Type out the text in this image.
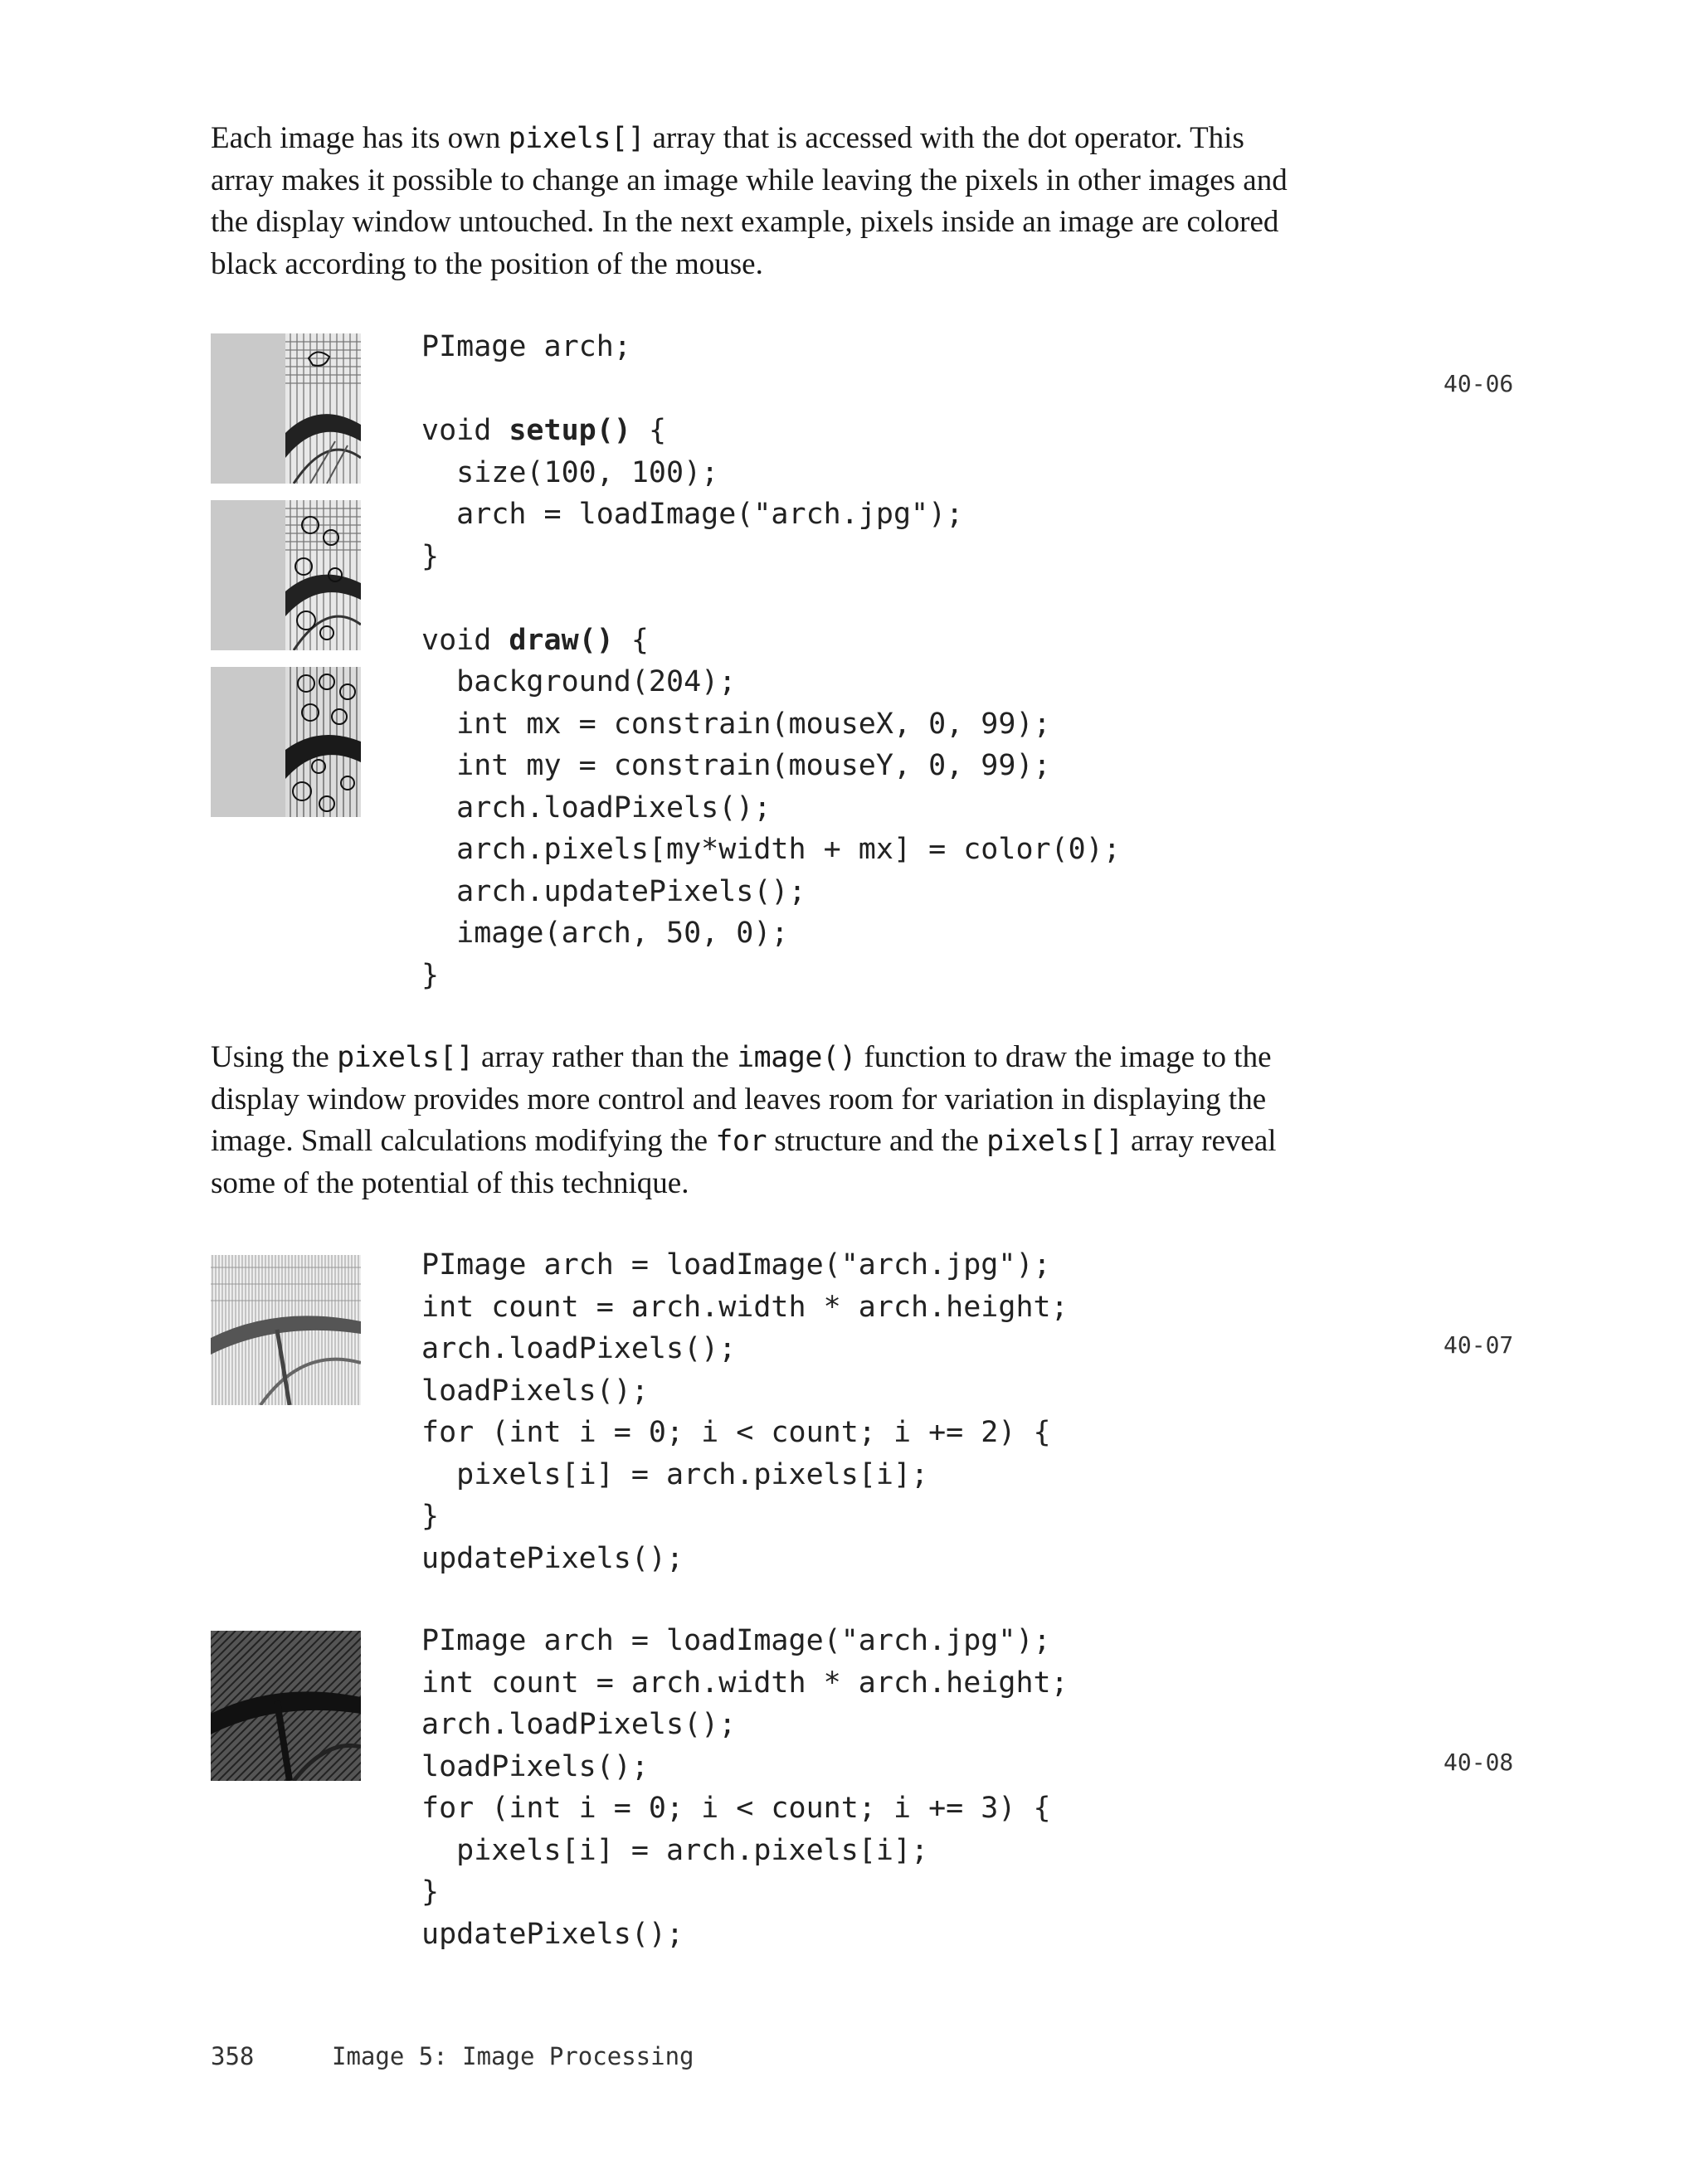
Each image has its own pixels[] array that is accessed with the dot operator. This
array makes it possible to change an image while leaving the pixels in other images and
the display window untouched. In the next example, pixels inside an image are colored
black according to the position of the mouse.
PImage arch;
void setup() {
size(100, 100);
arch = loadImage("arch.jpg");
}
void draw() {
background(204);
int mx = constrain(mouseX, 0, 99);
int my = constrain(mouseY, 0, 99);
arch.loadPixels();
arch.pixels[my*width + mx] = color(0);
arch.updatePixels();
image(arch, 50, 0);
}
40-06
Using the pixels[] array rather than the image() function to draw the image to the
display window provides more control and leaves room for variation in displaying the
image. Small calculations modifying the for structure and the pixels[] array reveal
some of the potential of this technique.
PImage arch = loadImage("arch.jpg");
int count = arch.width * arch.height;
arch.loadPixels();
loadPixels();
for (int i = 0; i < count; i += 2) {
pixels[i] = arch.pixels[i];
}
updatePixels();
40-07
PImage arch = loadImage("arch.jpg");
int count = arch.width * arch.height;
arch.loadPixels();
loadPixels();
for (int i = 0; i < count; i += 3) {
pixels[i] = arch.pixels[i];
}
updatePixels();
40-08
358	Image 5: Image Processing
